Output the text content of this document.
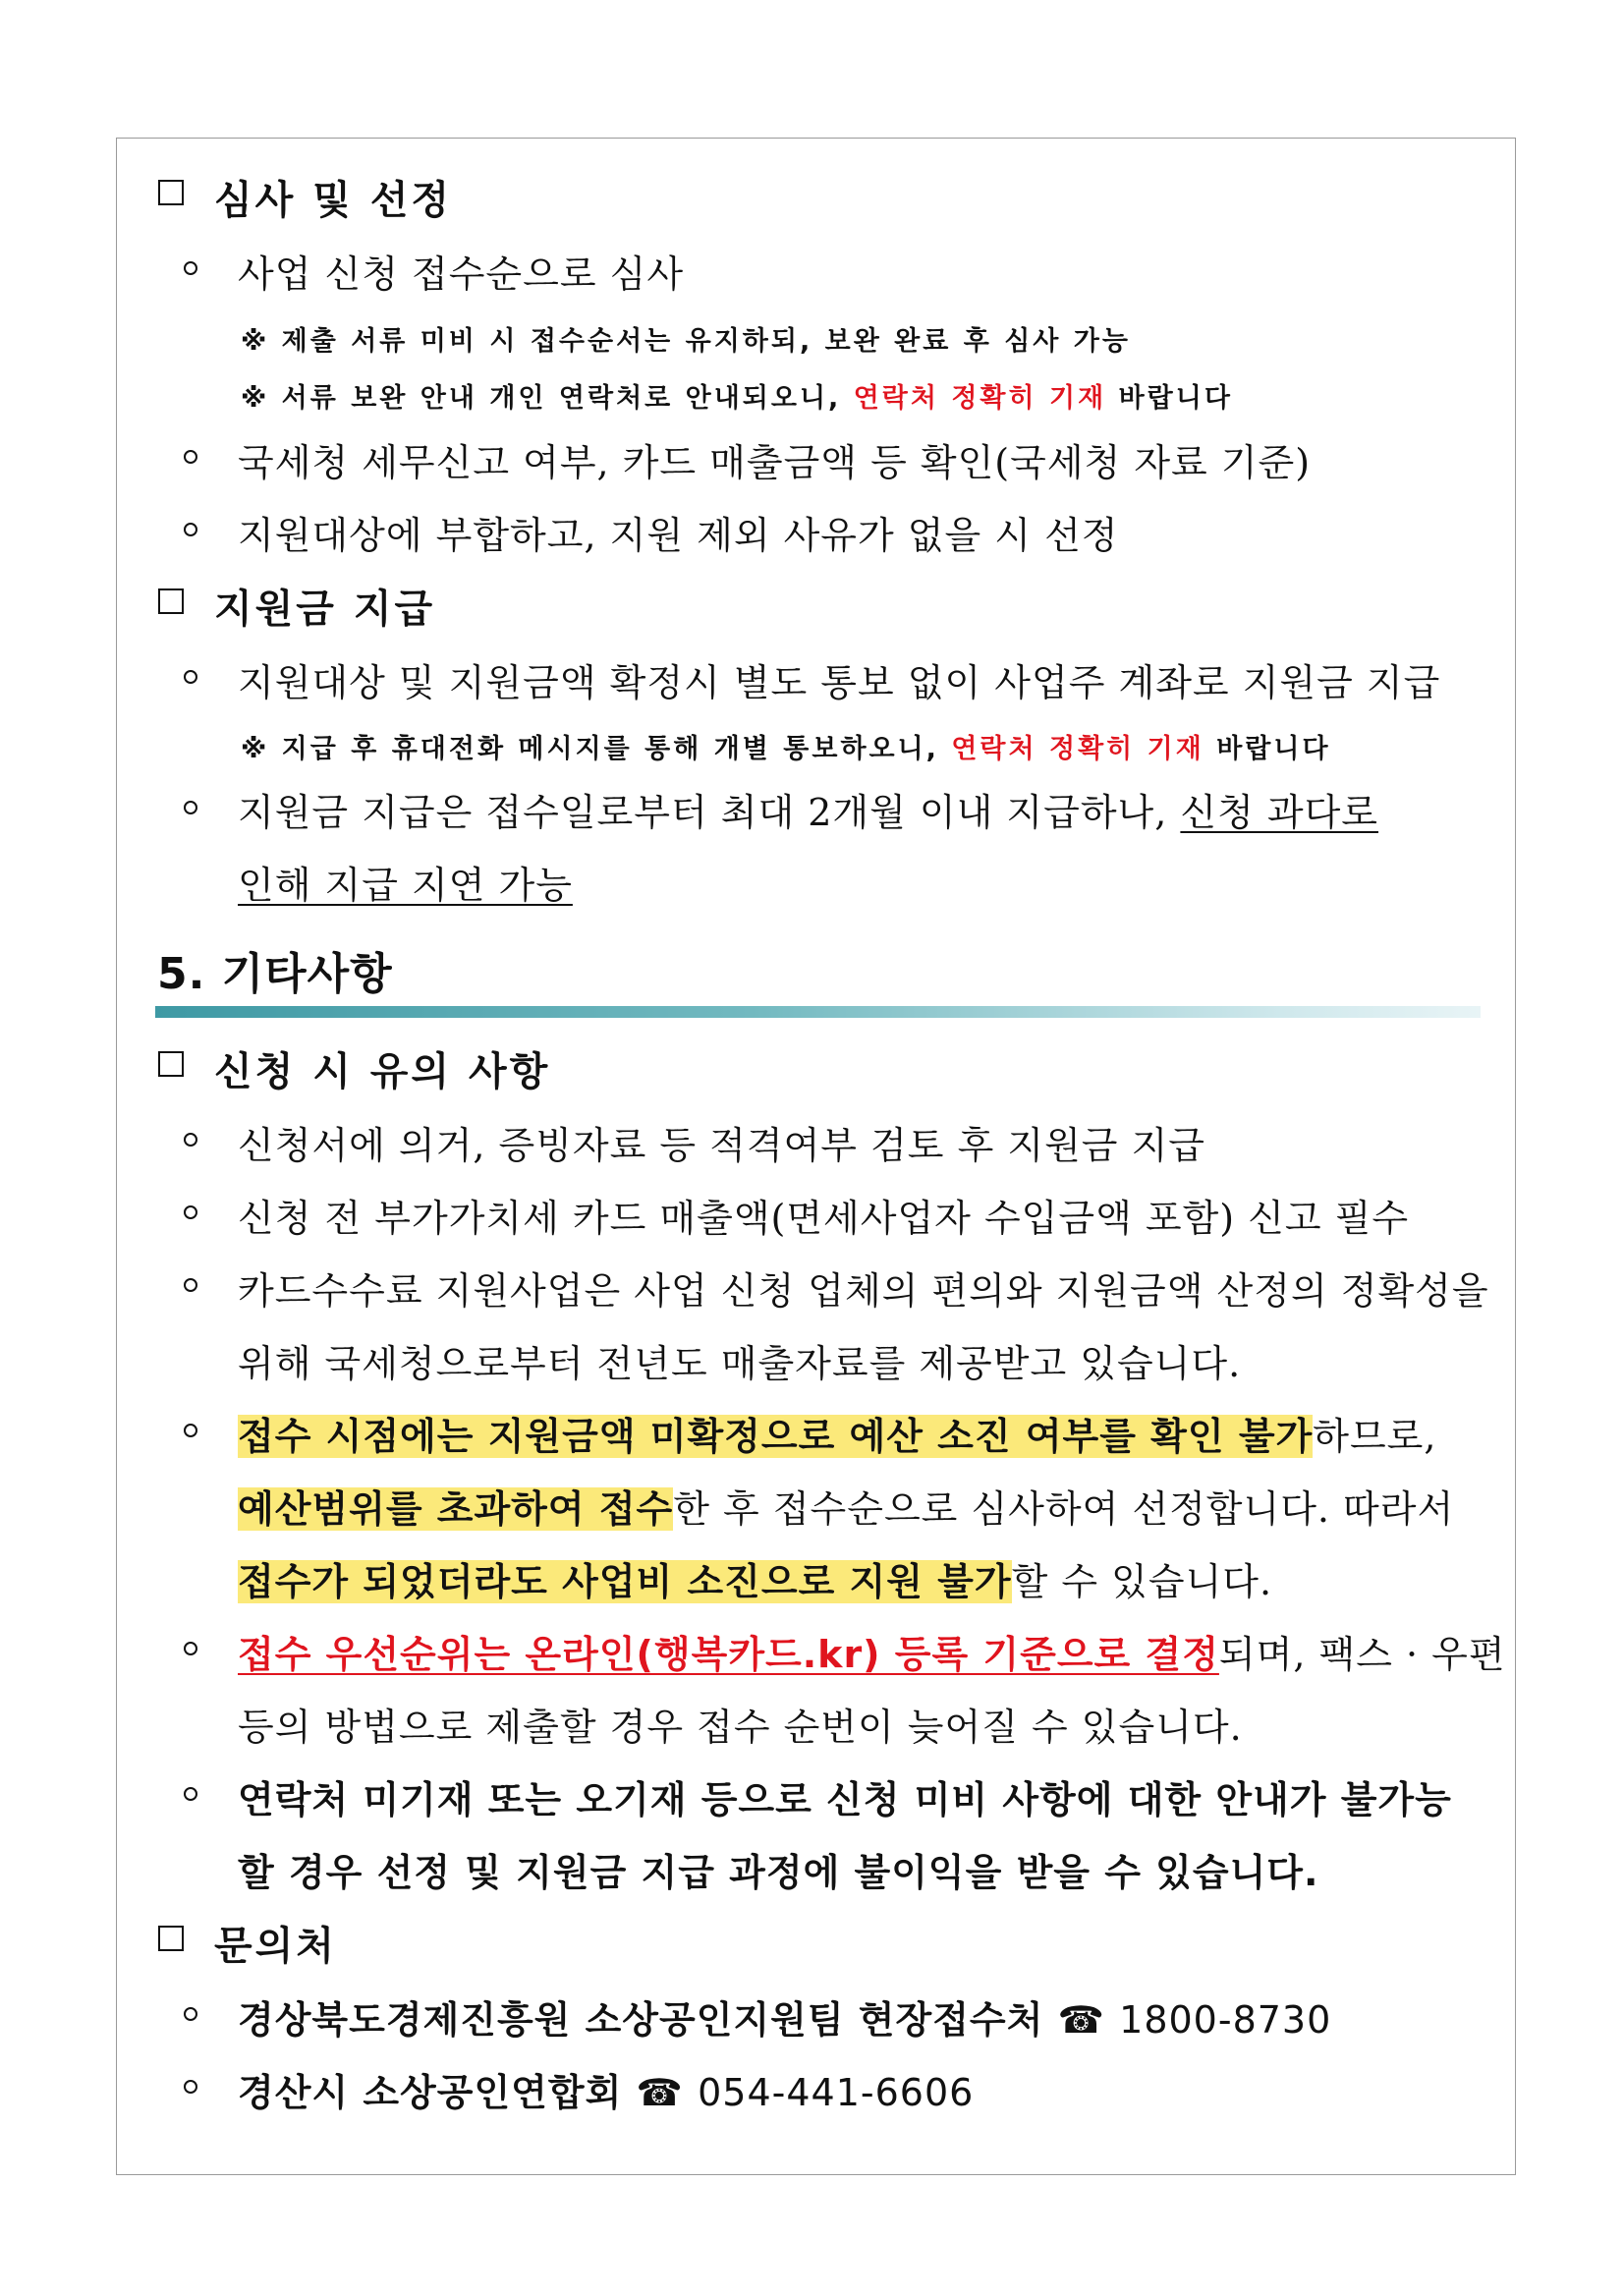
심사 및 선정
사업 신청 접수순으로 심사
※ 제출 서류 미비 시 접수순서는 유지하되, 보완 완료 후 심사 가능
※ 서류 보완 안내 개인 연락처로 안내되오니, 연락처 정확히 기재 바랍니다
국세청 세무신고 여부, 카드 매출금액 등 확인(국세청 자료 기준)
지원대상에 부합하고, 지원 제외 사유가 없을 시 선정
지원금 지급
지원대상 및 지원금액 확정시 별도 통보 없이 사업주 계좌로 지원금 지급
※ 지급 후 휴대전화 메시지를 통해 개별 통보하오니, 연락처 정확히 기재 바랍니다
지원금 지급은 접수일로부터 최대 2개월 이내 지급하나, 신청 과다로
인해 지급 지연 가능
5. 기타사항
신청 시 유의 사항
신청서에 의거, 증빙자료 등 적격여부 검토 후 지원금 지급
신청 전 부가가치세 카드 매출액(면세사업자 수입금액 포함) 신고 필수
카드수수료 지원사업은 사업 신청 업체의 편의와 지원금액 산정의 정확성을
위해 국세청으로부터 전년도 매출자료를 제공받고 있습니다.
접수 시점에는 지원금액 미확정으로 예산 소진 여부를 확인 불가하므로,
예산범위를 초과하여 접수한 후 접수순으로 심사하여 선정합니다. 따라서
접수가 되었더라도 사업비 소진으로 지원 불가할 수 있습니다.
접수 우선순위는 온라인(행복카드.kr) 등록 기준으로 결정되며, 팩스 · 우편
등의 방법으로 제출할 경우 접수 순번이 늦어질 수 있습니다.
연락처 미기재 또는 오기재 등으로 신청 미비 사항에 대한 안내가 불가능
할 경우 선정 및 지원금 지급 과정에 불이익을 받을 수 있습니다.
문의처
경상북도경제진흥원 소상공인지원팀 현장접수처 ☎ 1800-8730
경산시 소상공인연합회 ☎ 054-441-6606
